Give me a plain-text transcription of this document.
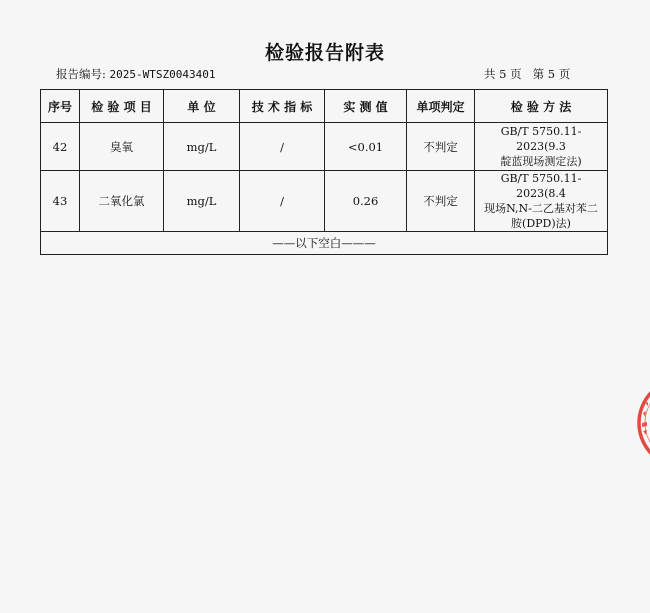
检验报告附表
报告编号: 2025-WTSZ0043401	共 5 页   第 5 页
序号	检 验 项 目	单 位	技 术 指 标	实 测 值	单项判定	检 验 方 法
42	臭氧	mg/L	/	<0.01	不判定	GB/T 5750.11-2023(9.3
靛蓝现场测定法)

43	二氧化氯	mg/L	/	0.26	不判定	GB/T 5750.11-2023(8.4
现场N,N-二乙基对苯二
胺(DPD)法)

——以下空白———						
